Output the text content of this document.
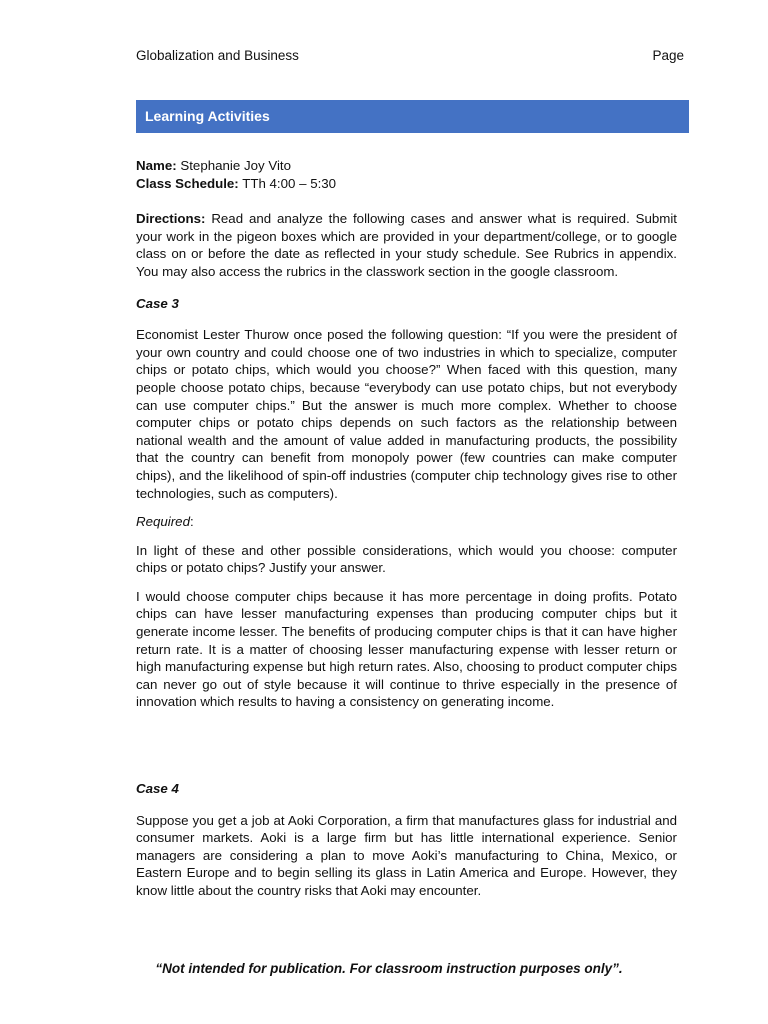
Globalization and Business	Page
Learning Activities

Name: Stephanie Joy Vito

Class Schedule: TTh 4:00 – 5:30

Directions: Read and analyze the following cases and answer what is required. Submit your work in the pigeon boxes which are provided in your department/college, or to google class on or before the date as reflected in your study schedule. See Rubrics in appendix. You may also access the rubrics in the classwork section in the google classroom.

Case 3

Economist Lester Thurow once posed the following question: “If you were the president of your own country and could choose one of two industries in which to specialize, computer chips or potato chips, which would you choose?” When faced with this question, many people choose potato chips, because “everybody can use potato chips, but not everybody can use computer chips.” But the answer is much more complex. Whether to choose computer chips or potato chips depends on such factors as the relationship between national wealth and the amount of value added in manufacturing products, the possibility that the country can benefit from monopoly power (few countries can make computer chips), and the likelihood of spin-off industries (computer chip technology gives rise to other technologies, such as computers).

Required:

In light of these and other possible considerations, which would you choose: computer chips or potato chips? Justify your answer.

I would choose computer chips because it has more percentage in doing profits. Potato chips can have lesser manufacturing expenses than producing computer chips but it generate income lesser. The benefits of producing computer chips is that it can have higher return rate. It is a matter of choosing lesser manufacturing expense with lesser return or high manufacturing expense but high return rates. Also, choosing to product computer chips can never go out of style because it will continue to thrive especially in the presence of innovation which results to having a consistency on generating income.

Case 4

Suppose you get a job at Aoki Corporation, a firm that manufactures glass for industrial and consumer markets. Aoki is a large firm but has little international experience. Senior managers are considering a plan to move Aoki’s manufacturing to China, Mexico, or Eastern Europe and to begin selling its glass in Latin America and Europe. However, they know little about the country risks that Aoki may encounter.

“Not intended for publication. For classroom instruction purposes only”.
